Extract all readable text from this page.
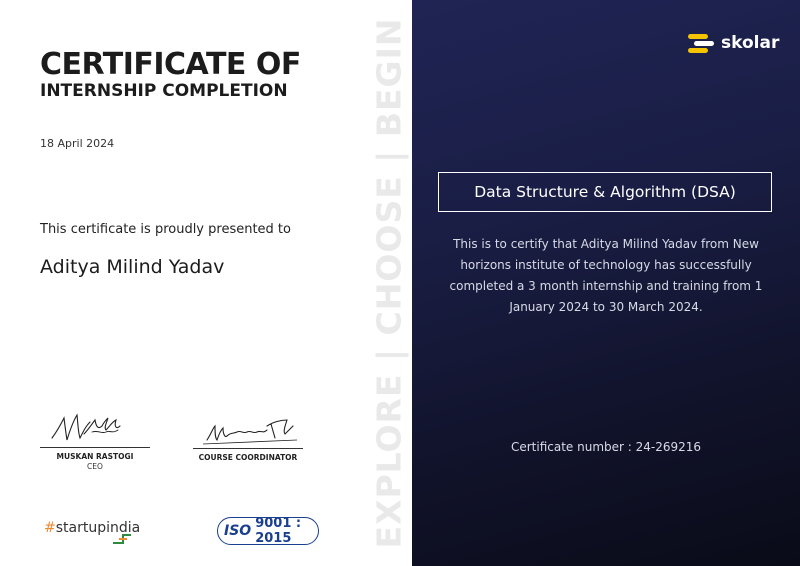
CERTIFICATE OF
INTERNSHIP COMPLETION
18 April 2024
This certificate is proudly presented to
Aditya Milind Yadav
MUSKAN RASTOGI
CEO
COURSE COORDINATOR
#startupindia	ISO 9001 : 2015	EXPLORE | CHOOSE | BEGIN	skolar
Data Structure & Algorithm (DSA)
This is to certify that Aditya Milind Yadav from New horizons institute of technology has successfully completed a 3 month internship and training from 1 January 2024 to 30 March 2024.
Certificate number : 24-269216
